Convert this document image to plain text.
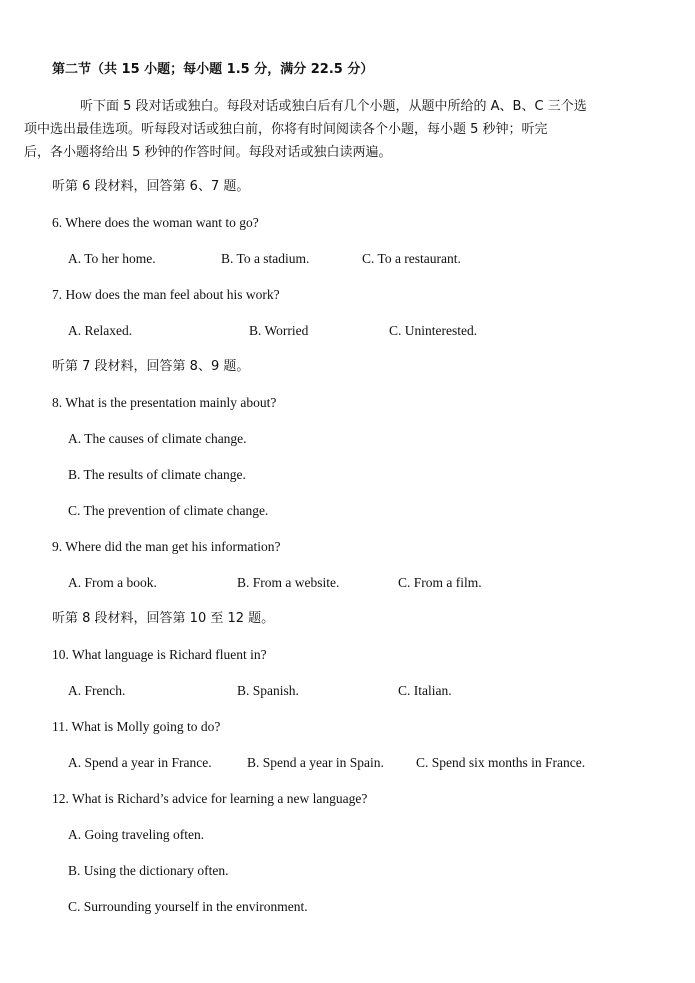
第二节（共 15 小题；每小题 1.5 分，满分 22.5 分）
听下面 5 段对话或独白。每段对话或独白后有几个小题，从题中所给的 A、B、C 三个选
项中选出最佳选项。听每段对话或独白前，你将有时间阅读各个小题，每小题 5 秒钟；听完
后，各小题将给出 5 秒钟的作答时间。每段对话或独白读两遍。
听第 6 段材料，回答第 6、7 题。
6. Where does the woman want to go?
A. To her home.	B. To a stadium.	C. To a restaurant.
7. How does the man feel about his work?
A. Relaxed.	B. Worried	C. Uninterested.
听第 7 段材料，回答第 8、9 题。
8. What is the presentation mainly about?
A. The causes of climate change.
B. The results of climate change.
C. The prevention of climate change.
9. Where did the man get his information?
A. From a book.	B. From a website.	C. From a film.
听第 8 段材料，回答第 10 至 12 题。
10. What language is Richard fluent in?
A. French.	B. Spanish.	C. Italian.
11. What is Molly going to do?
A. Spend a year in France.	B. Spend a year in Spain. C. Spend six months in France.
12. What is Richard’s advice for learning a new language?
A. Going traveling often.
B. Using the dictionary often.
C. Surrounding yourself in the environment.
